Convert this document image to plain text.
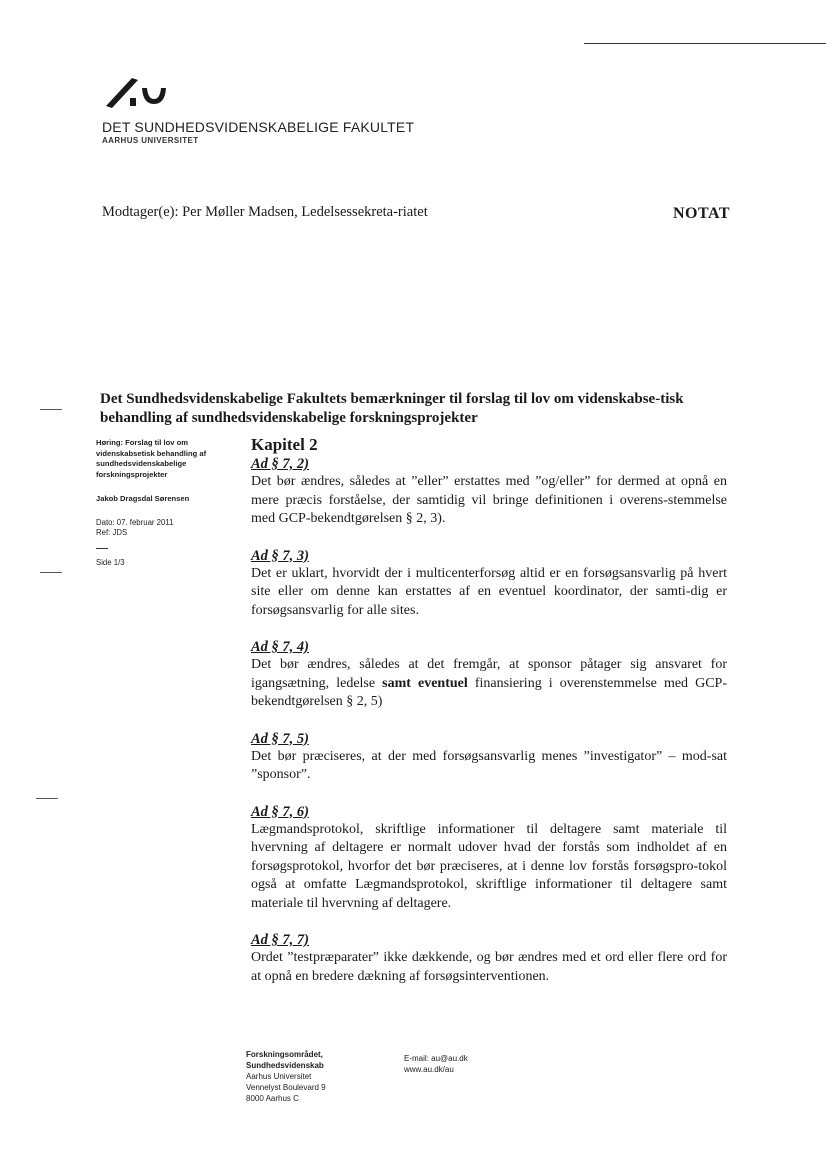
DET SUNDHEDSVIDENSKABELIGE FAKULTET
AARHUS UNIVERSITET
Modtager(e): Per Møller Madsen, Ledelsessekreta-riatet	NOTAT
Det Sundhedsvidenskabelige Fakultets bemærkninger til forslag til lov om videnskabse-tisk behandling af sundhedsvidenskabelige forskningsprojekter
Høring: Forslag til lov om videnskabsetisk behandling af sundhedsvidenskabelige forskningsprojekter
Jakob Dragsdal Sørensen
Dato: 07. februar 2011
Ref: JDS
Side 1/3
Kapitel 2
Ad § 7, 2)
Det bør ændres, således at ”eller” erstattes med ”og/eller” for dermed at opnå en mere præcis forståelse, der samtidig vil bringe definitionen i overens-stemmelse med GCP-bekendtgørelsen § 2, 3).
Ad § 7, 3)
Det er uklart, hvorvidt der i multicenterforsøg altid er en forsøgsansvarlig på hvert site eller om denne kan erstattes af en eventuel koordinator, der samti-dig er forsøgsansvarlig for alle sites.
Ad § 7, 4)
Det bør ændres, således at det fremgår, at sponsor påtager sig ansvaret for igangsætning, ledelse samt eventuel finansiering i overenstemmelse med GCP-bekendtgørelsen § 2, 5)
Ad § 7, 5)
Det bør præciseres, at der med forsøgsansvarlig menes ”investigator” – mod-sat ”sponsor”.
Ad § 7, 6)
Lægmandsprotokol, skriftlige informationer til deltagere samt materiale til hvervning af deltagere er normalt udover hvad der forstås som indholdet af en forsøgsprotokol, hvorfor det bør præciseres, at i denne lov forstås forsøgspro-tokol også at omfatte Lægmandsprotokol, skriftlige informationer til deltagere samt materiale til hvervning af deltagere.
Ad § 7, 7)
Ordet ”testpræparater” ikke dækkende, og bør ændres med et ord eller flere ord for at opnå en bredere dækning af forsøgsinterventionen.
Forskningsområdet,
Sundhedsvidenskab
Aarhus Universitet
Vennelyst Boulevard 9
8000 Aarhus C
E-mail: au@au.dk
www.au.dk/au
